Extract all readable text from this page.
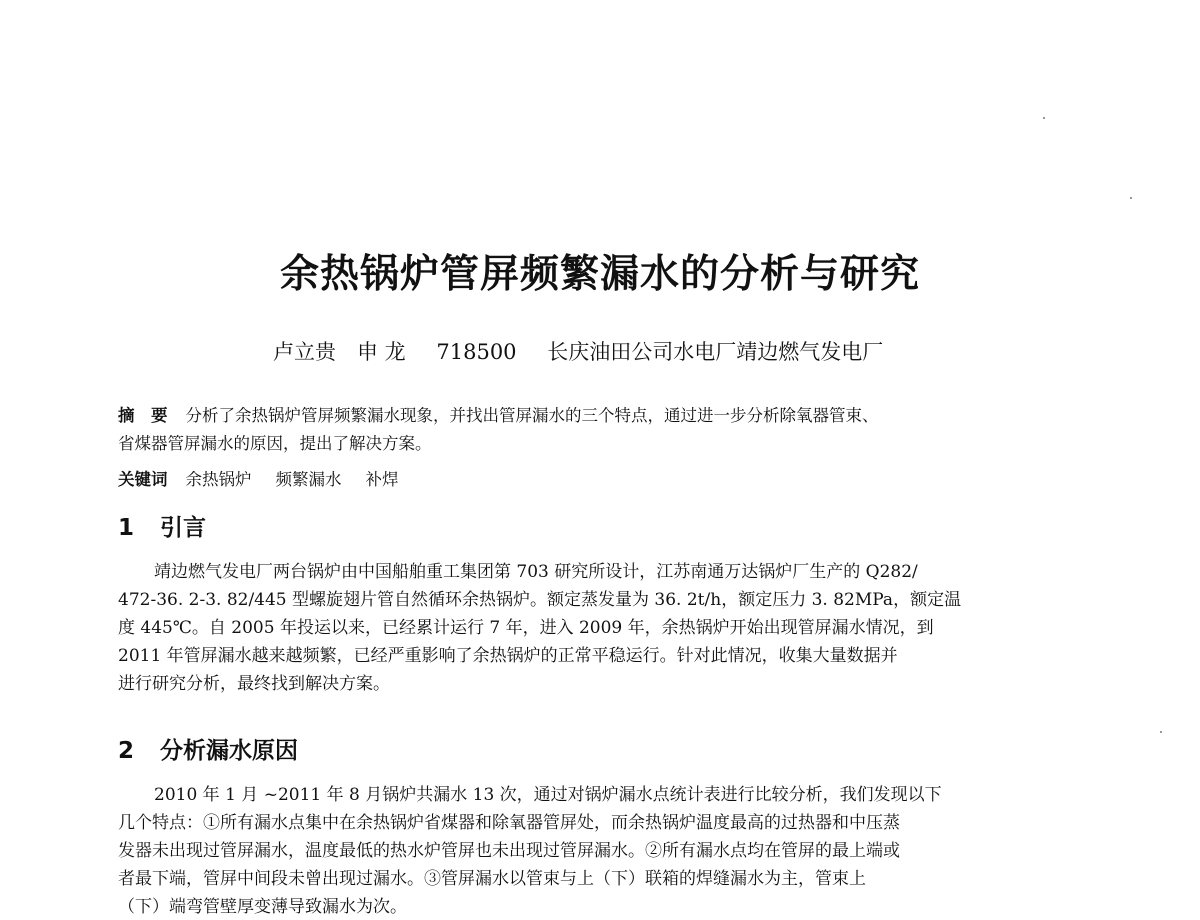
余热锅炉管屏频繁漏水的分析与研究
卢立贵　申 龙 718500 长庆油田公司水电厂靖边燃气发电厂
摘　要 分析了余热锅炉管屏频繁漏水现象，并找出管屏漏水的三个特点，通过进一步分析除氧器管束、
省煤器管屏漏水的原因，提出了解决方案。
关键词 余热锅炉 频繁漏水 补焊
1 引言
靖边燃气发电厂两台锅炉由中国船舶重工集团第 703 研究所设计，江苏南通万达锅炉厂生产的 Q282/
472-36. 2-3. 82/445 型螺旋翅片管自然循环余热锅炉。额定蒸发量为 36. 2t/h，额定压力 3. 82MPa，额定温
度 445℃。自 2005 年投运以来，已经累计运行 7 年，进入 2009 年，余热锅炉开始出现管屏漏水情况，到
2011 年管屏漏水越来越频繁，已经严重影响了余热锅炉的正常平稳运行。针对此情况，收集大量数据并
进行研究分析，最终找到解决方案。
2 分析漏水原因
2010 年 1 月 ~2011 年 8 月锅炉共漏水 13 次，通过对锅炉漏水点统计表进行比较分析，我们发现以下
几个特点：①所有漏水点集中在余热锅炉省煤器和除氧器管屏处，而余热锅炉温度最高的过热器和中压蒸
发器未出现过管屏漏水，温度最低的热水炉管屏也未出现过管屏漏水。②所有漏水点均在管屏的最上端或
者最下端，管屏中间段未曾出现过漏水。③管屏漏水以管束与上（下）联箱的焊缝漏水为主，管束上
（下）端弯管壁厚变薄导致漏水为次。
